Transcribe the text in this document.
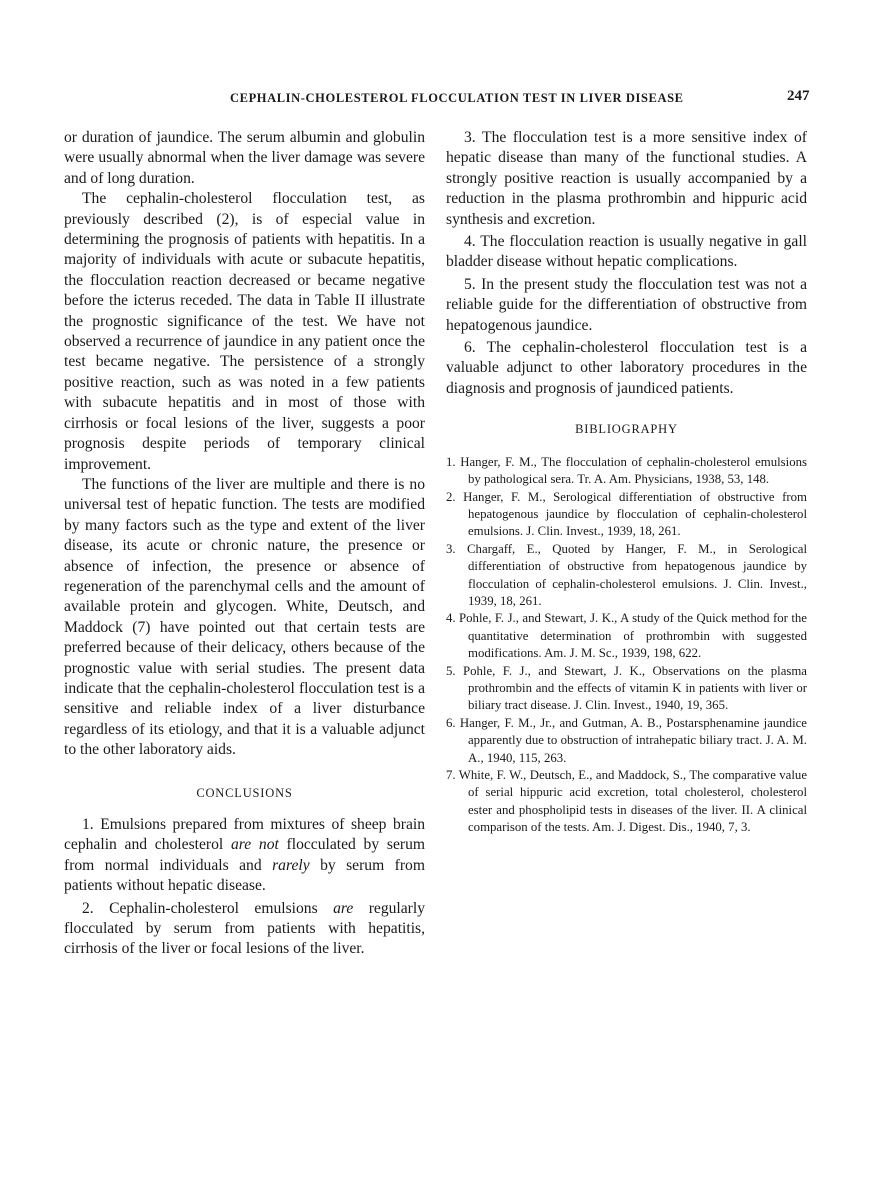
CEPHALIN-CHOLESTEROL FLOCCULATION TEST IN LIVER DISEASE	247

or duration of jaundice. The serum albumin and globulin were usually abnormal when the liver damage was severe and of long duration.

The cephalin-cholesterol flocculation test, as previously described (2), is of especial value in determining the prognosis of patients with hepatitis. In a majority of individuals with acute or subacute hepatitis, the flocculation reaction decreased or became negative before the icterus receded. The data in Table II illustrate the prognostic significance of the test. We have not observed a recurrence of jaundice in any patient once the test became negative. The persistence of a strongly positive reaction, such as was noted in a few patients with subacute hepatitis and in most of those with cirrhosis or focal lesions of the liver, suggests a poor prognosis despite periods of temporary clinical improvement.

The functions of the liver are multiple and there is no universal test of hepatic function. The tests are modified by many factors such as the type and extent of the liver disease, its acute or chronic nature, the presence or absence of infection, the presence or absence of regeneration of the parenchymal cells and the amount of available protein and glycogen. White, Deutsch, and Maddock (7) have pointed out that certain tests are preferred because of their delicacy, others because of the prognostic value with serial studies. The present data indicate that the cephalin-cholesterol flocculation test is a sensitive and reliable index of a liver disturbance regardless of its etiology, and that it is a valuable adjunct to the other laboratory aids.

CONCLUSIONS

1. Emulsions prepared from mixtures of sheep brain cephalin and cholesterol are not flocculated by serum from normal individuals and rarely by serum from patients without hepatic disease.

2. Cephalin-cholesterol emulsions are regularly flocculated by serum from patients with hepatitis, cirrhosis of the liver or focal lesions of the liver.

3. The flocculation test is a more sensitive index of hepatic disease than many of the functional studies. A strongly positive reaction is usually accompanied by a reduction in the plasma prothrombin and hippuric acid synthesis and excretion.

4. The flocculation reaction is usually negative in gall bladder disease without hepatic complications.

5. In the present study the flocculation test was not a reliable guide for the differentiation of obstructive from hepatogenous jaundice.

6. The cephalin-cholesterol flocculation test is a valuable adjunct to other laboratory procedures in the diagnosis and prognosis of jaundiced patients.

BIBLIOGRAPHY
1. Hanger, F. M., The flocculation of cephalin-cholesterol emulsions by pathological sera. Tr. A. Am. Physicians, 1938, 53, 148.
2. Hanger, F. M., Serological differentiation of obstructive from hepatogenous jaundice by flocculation of cephalin-cholesterol emulsions. J. Clin. Invest., 1939, 18, 261.
3. Chargaff, E., Quoted by Hanger, F. M., in Serological differentiation of obstructive from hepatogenous jaundice by flocculation of cephalin-cholesterol emulsions. J. Clin. Invest., 1939, 18, 261.
4. Pohle, F. J., and Stewart, J. K., A study of the Quick method for the quantitative determination of prothrombin with suggested modifications. Am. J. M. Sc., 1939, 198, 622.
5. Pohle, F. J., and Stewart, J. K., Observations on the plasma prothrombin and the effects of vitamin K in patients with liver or biliary tract disease. J. Clin. Invest., 1940, 19, 365.
6. Hanger, F. M., Jr., and Gutman, A. B., Postarsphenamine jaundice apparently due to obstruction of intrahepatic biliary tract. J. A. M. A., 1940, 115, 263.
7. White, F. W., Deutsch, E., and Maddock, S., The comparative value of serial hippuric acid excretion, total cholesterol, cholesterol ester and phospholipid tests in diseases of the liver. II. A clinical comparison of the tests. Am. J. Digest. Dis., 1940, 7, 3.
